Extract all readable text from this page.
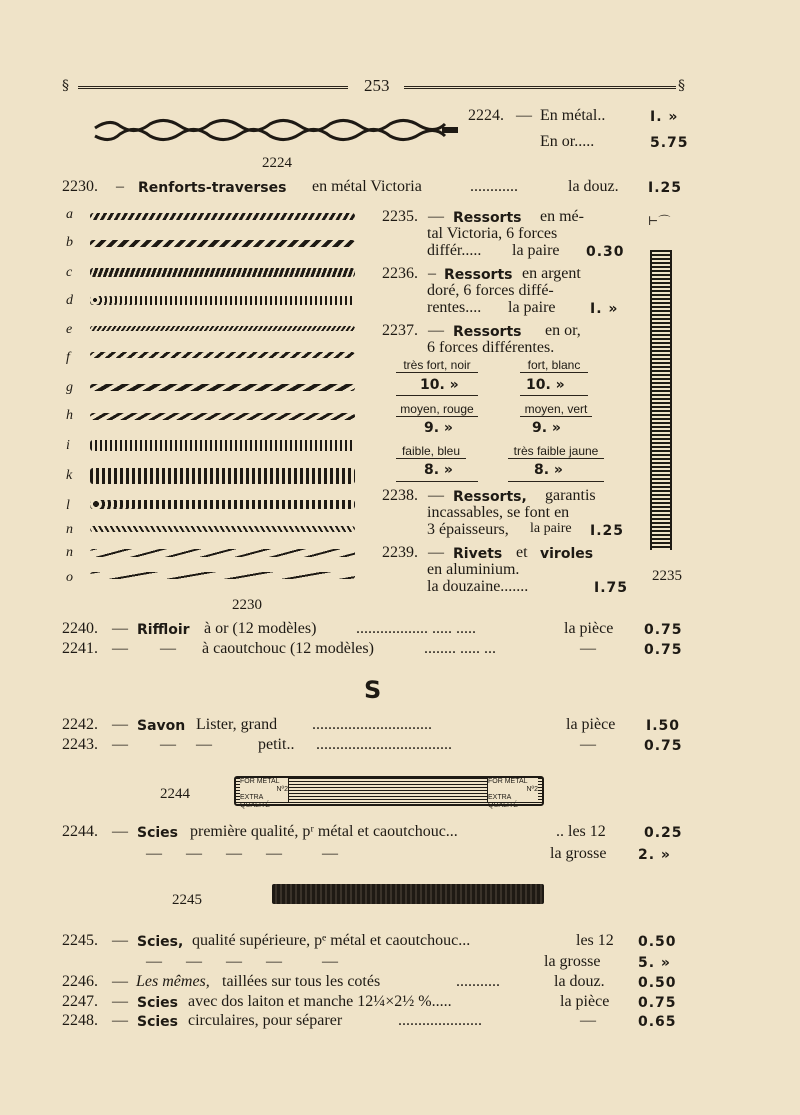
§	253	§
2224
2224. — En métal..	I. »
En or.....	5.75
2230. – Renforts-traverses en métal Victoria	............	la douz. I.25
a
b
c
d
e
f
g
h
i
k
l
n
n
o
2230
2235. — Ressorts en mé-
tal Victoria, 6 forces
différ..... la paire 0.30
2236. – Ressorts en argent
doré, 6 forces diffé-
rentes.... la paire I. »
2237. — Ressorts en or,
6 forces différentes.
très fort, noir	fort, blanc
10. »	10. »
moyen, rouge	moyen, vert
9. »	9. »
faible, bleu	très faible jaune
8. »	8. »
2238. — Ressorts, garantis
incassables, se font en
3 épaisseurs, la paire I.25
2239. — Rivets et viroles
en aluminium.
la douzaine.......	I.75
⊢⌒
2235
2240. — Riffloir à or (12 modèles) .................. ..... .....	la pièce 0.75
2241. — — à caoutchouc (12 modèles)	........ ..... ...	—	0.75
S
2242. — Savon Lister, grand ..............................	la pièce I.50
2243. — —     —	petit.. ..................................	—	0.75
2244
FOR MÉTAL
Nº2
EXTRA QUALITÉ
FOR MÉTAL
Nº2
EXTRA QUALITÉ
2244. — Scies première qualité, pʳ métal et caoutchouc...	.. les 12	0.25
—      —      —      —          —	la grosse 2. »
2245
2245. — Scies, qualité supérieure, pᵉ métal et caoutchouc...	les 12 0.50
—      —      —      —          —	la grosse	5. »
2246. — Les mêmes, taillées sur tous les cotés	...........	la douz. 0.50
2247. — Scies avec dos laiton et manche 12¼×2½ %.....	la pièce 0.75
2248. — Scies circulaires, pour séparer	.....................	—	0.65
